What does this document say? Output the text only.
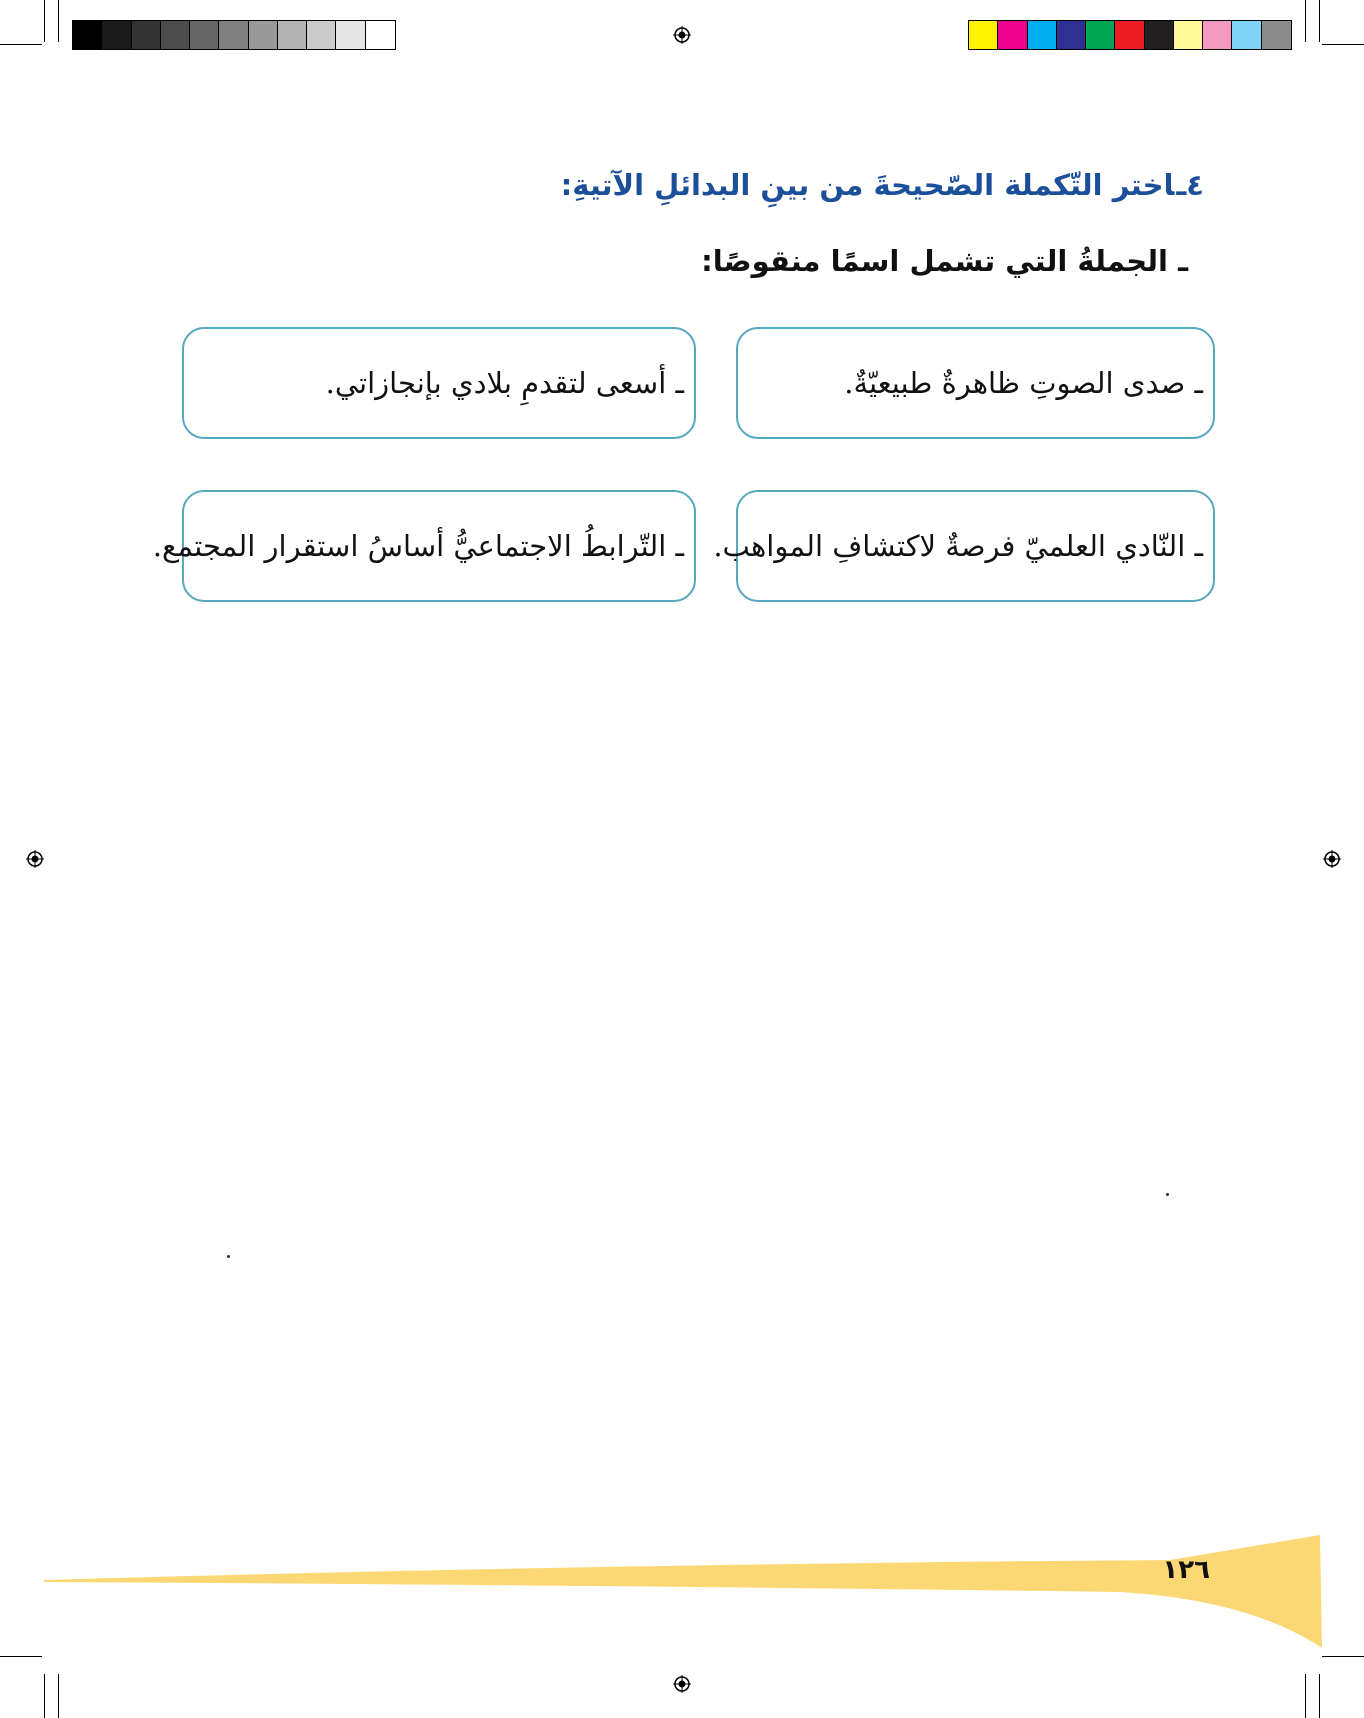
٤ـاختر التّكملة الصّحيحةَ من بينِ البدائلِ الآتيةِ:
ـ الجملةُ التي تشمل اسمًا منقوصًا:
ـ صدى الصوتِ ظاهرةٌ طبيعيّةٌ.
ـ أسعى لتقدمِ بلادي بإنجازاتي.
ـ النّادي العلميّ فرصةٌ لاكتشافِ المواهب.
ـ التّرابطُ الاجتماعيُّ أساسُ استقرار المجتمع.
١٢٦
